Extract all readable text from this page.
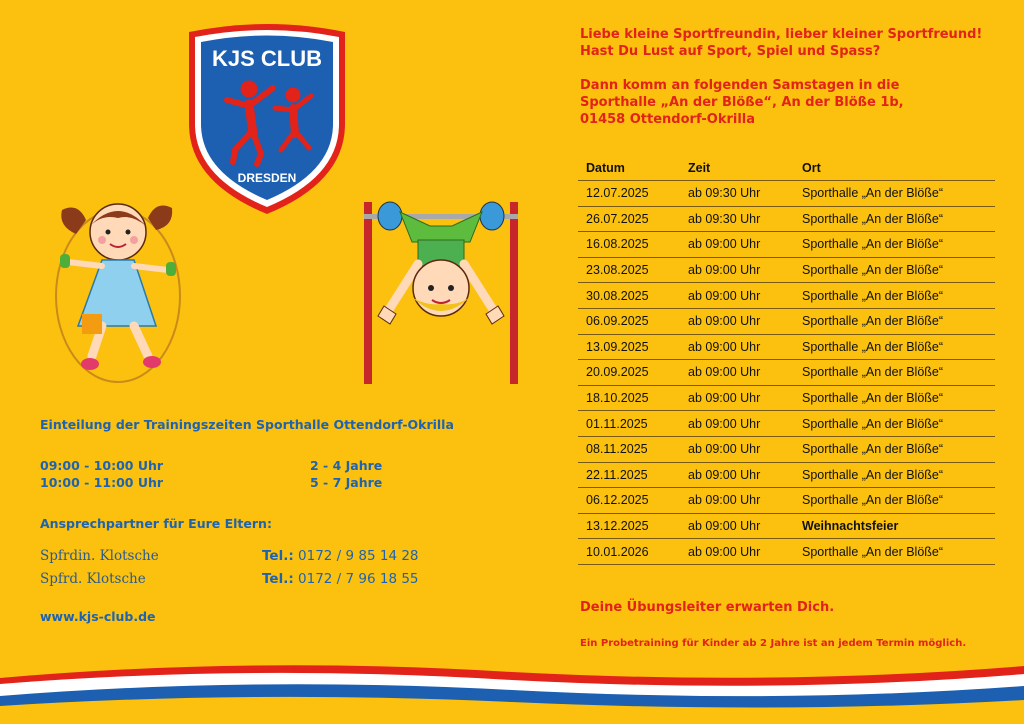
KJS CLUB
DRESDEN

Liebe kleine Sportfreundin, lieber kleiner Sportfreund!
Hast Du Lust auf Sport, Spiel und Spass?

Dann komm an folgenden Samstagen in die
Sporthalle „An der Blöße“, An der Blöße 1b,
01458 Ottendorf-Okrilla

Datum	Zeit	Ort
12.07.2025	ab 09:30 Uhr	Sporthalle „An der Blöße“
26.07.2025	ab 09:30 Uhr	Sporthalle „An der Blöße“
16.08.2025	ab 09:00 Uhr	Sporthalle „An der Blöße“
23.08.2025	ab 09:00 Uhr	Sporthalle „An der Blöße“
30.08.2025	ab 09:00 Uhr	Sporthalle „An der Blöße“
06.09.2025	ab 09:00 Uhr	Sporthalle „An der Blöße“
13.09.2025	ab 09:00 Uhr	Sporthalle „An der Blöße“
20.09.2025	ab 09:00 Uhr	Sporthalle „An der Blöße“
18.10.2025	ab 09:00 Uhr	Sporthalle „An der Blöße“
01.11.2025	ab 09:00 Uhr	Sporthalle „An der Blöße“
08.11.2025	ab 09:00 Uhr	Sporthalle „An der Blöße“
22.11.2025	ab 09:00 Uhr	Sporthalle „An der Blöße“
06.12.2025	ab 09:00 Uhr	Sporthalle „An der Blöße“
13.12.2025	ab 09:00 Uhr	Weihnachtsfeier
10.01.2026	ab 09:00 Uhr	Sporthalle „An der Blöße“
Deine Übungsleiter erwarten Dich.
Ein Probetraining für Kinder ab 2 Jahre ist an jedem Termin möglich.
Einteilung der Trainingszeiten Sporthalle Ottendorf-Okrilla
09:00 - 10:00 Uhr	2 - 4 Jahre
10:00 - 11:00 Uhr	5 - 7 Jahre
Ansprechpartner für Eure Eltern:
Spfrdin. Klotsche	Tel.: 0172 / 9 85 14 28
Spfrd. Klotsche	Tel.: 0172 / 7 96 18 55
www.kjs-club.de
